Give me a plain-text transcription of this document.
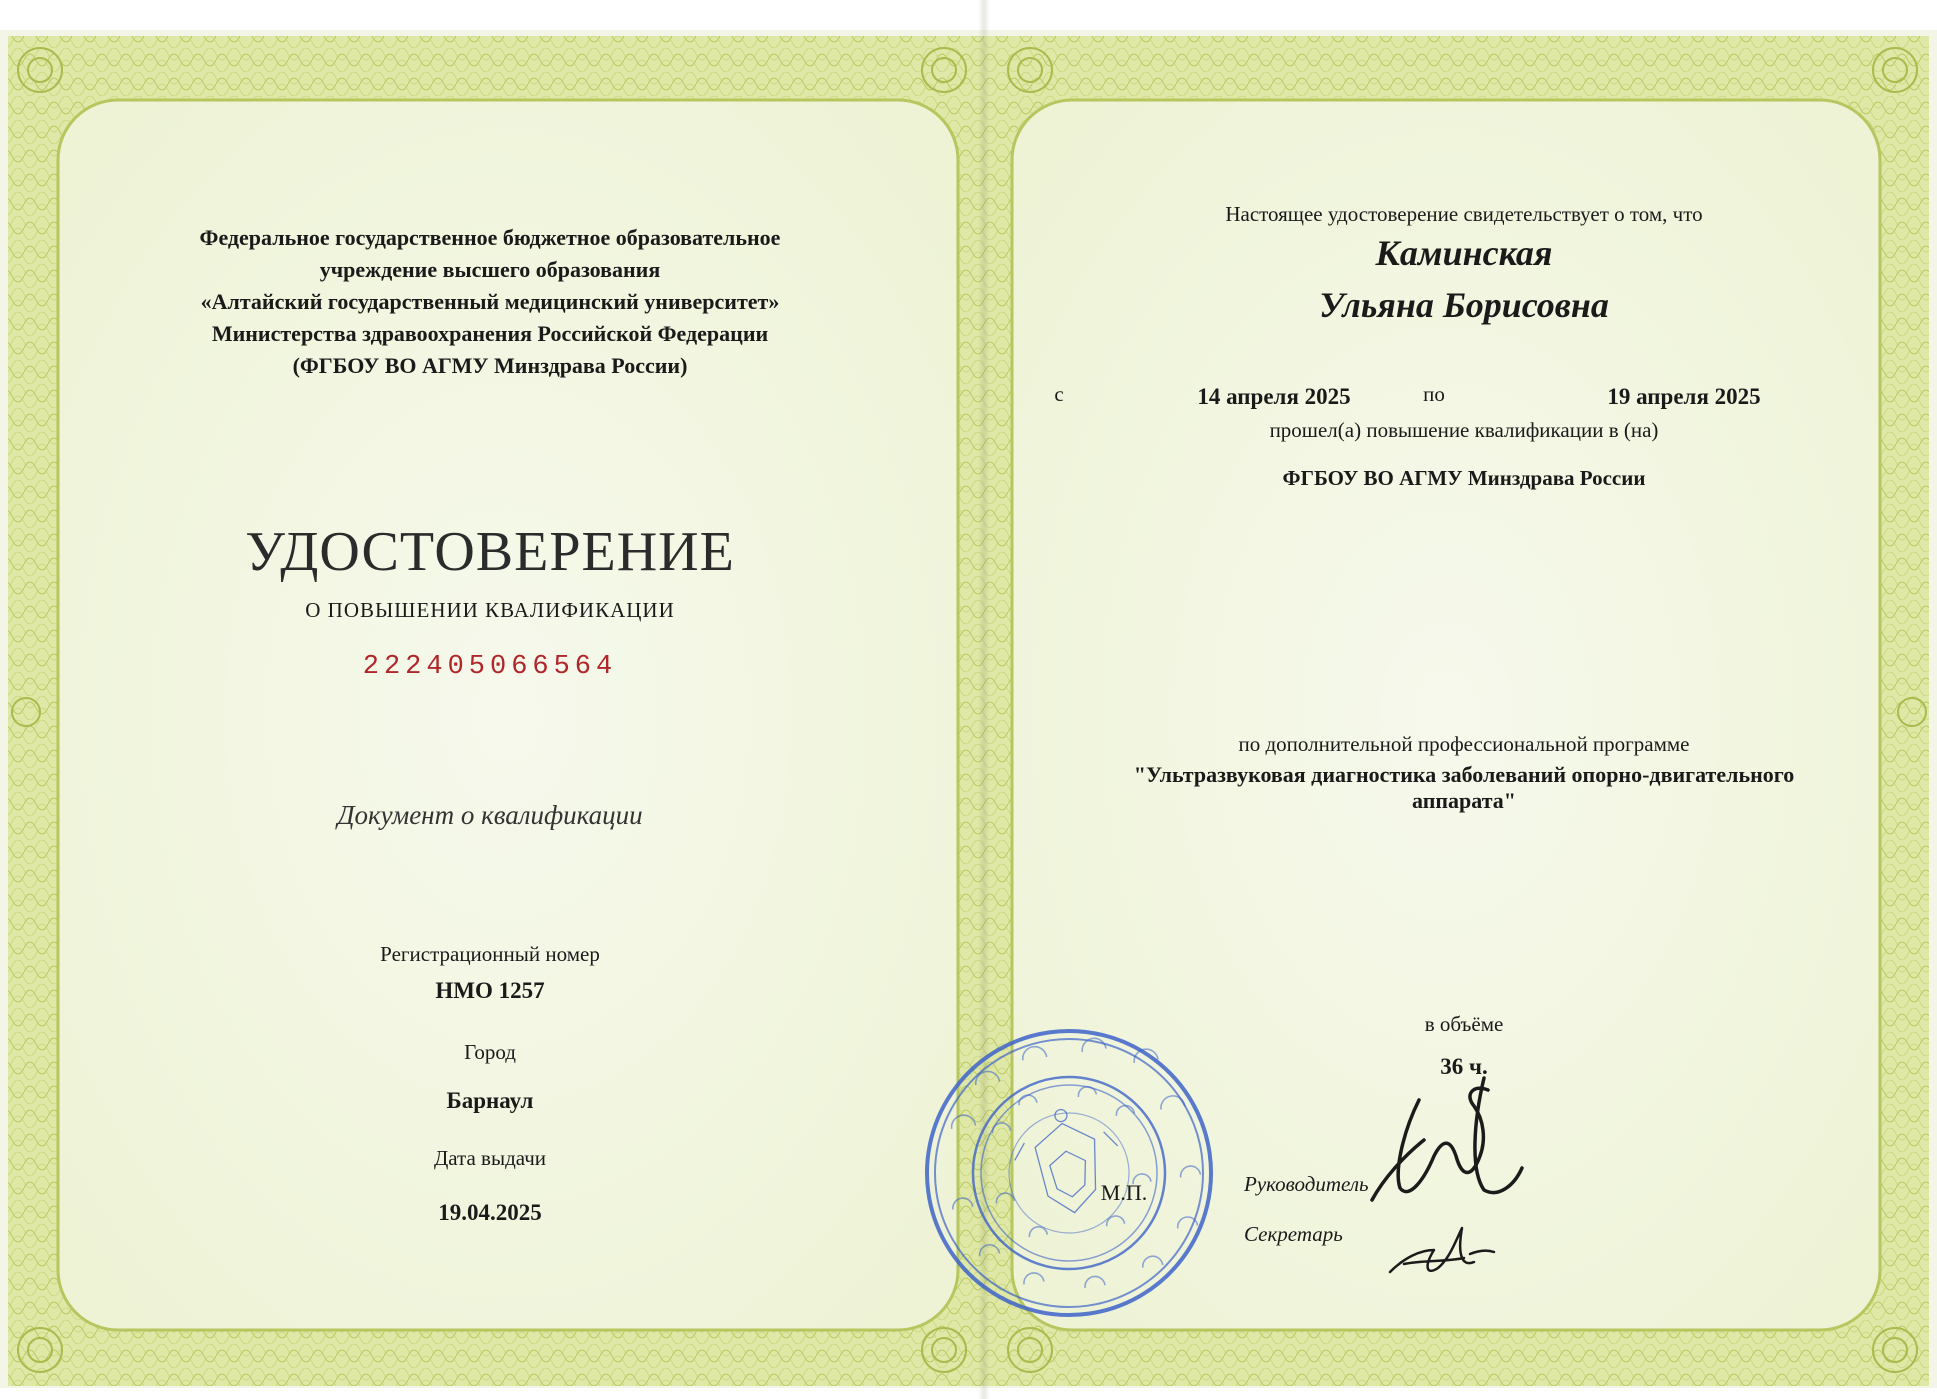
Федеральное государственное бюджетное образовательное
учреждение высшего образования
«Алтайский государственный медицинский университет»
Министерства здравоохранения Российской Федерации
(ФГБОУ ВО АГМУ Минздрава России)
УДОСТОВЕРЕНИЕ
О ПОВЫШЕНИИ КВАЛИФИКАЦИИ
222405066564
Документ о квалификации
Регистрационный номер
НМО 1257
Город
Барнаул
Дата выдачи
19.04.2025
Настоящее удостоверение свидетельствует о том, что
Каминская
Ульяна Борисовна
с	14 апреля 2025	по	19 апреля 2025
прошел(а) повышение квалификации в (на)
ФГБОУ ВО АГМУ Минздрава России
по дополнительной профессиональной программе
"Ультразвуковая диагностика заболеваний опорно-двигательного
аппарата"
в объёме
36 ч.
М.П.	Руководитель
Секретарь
